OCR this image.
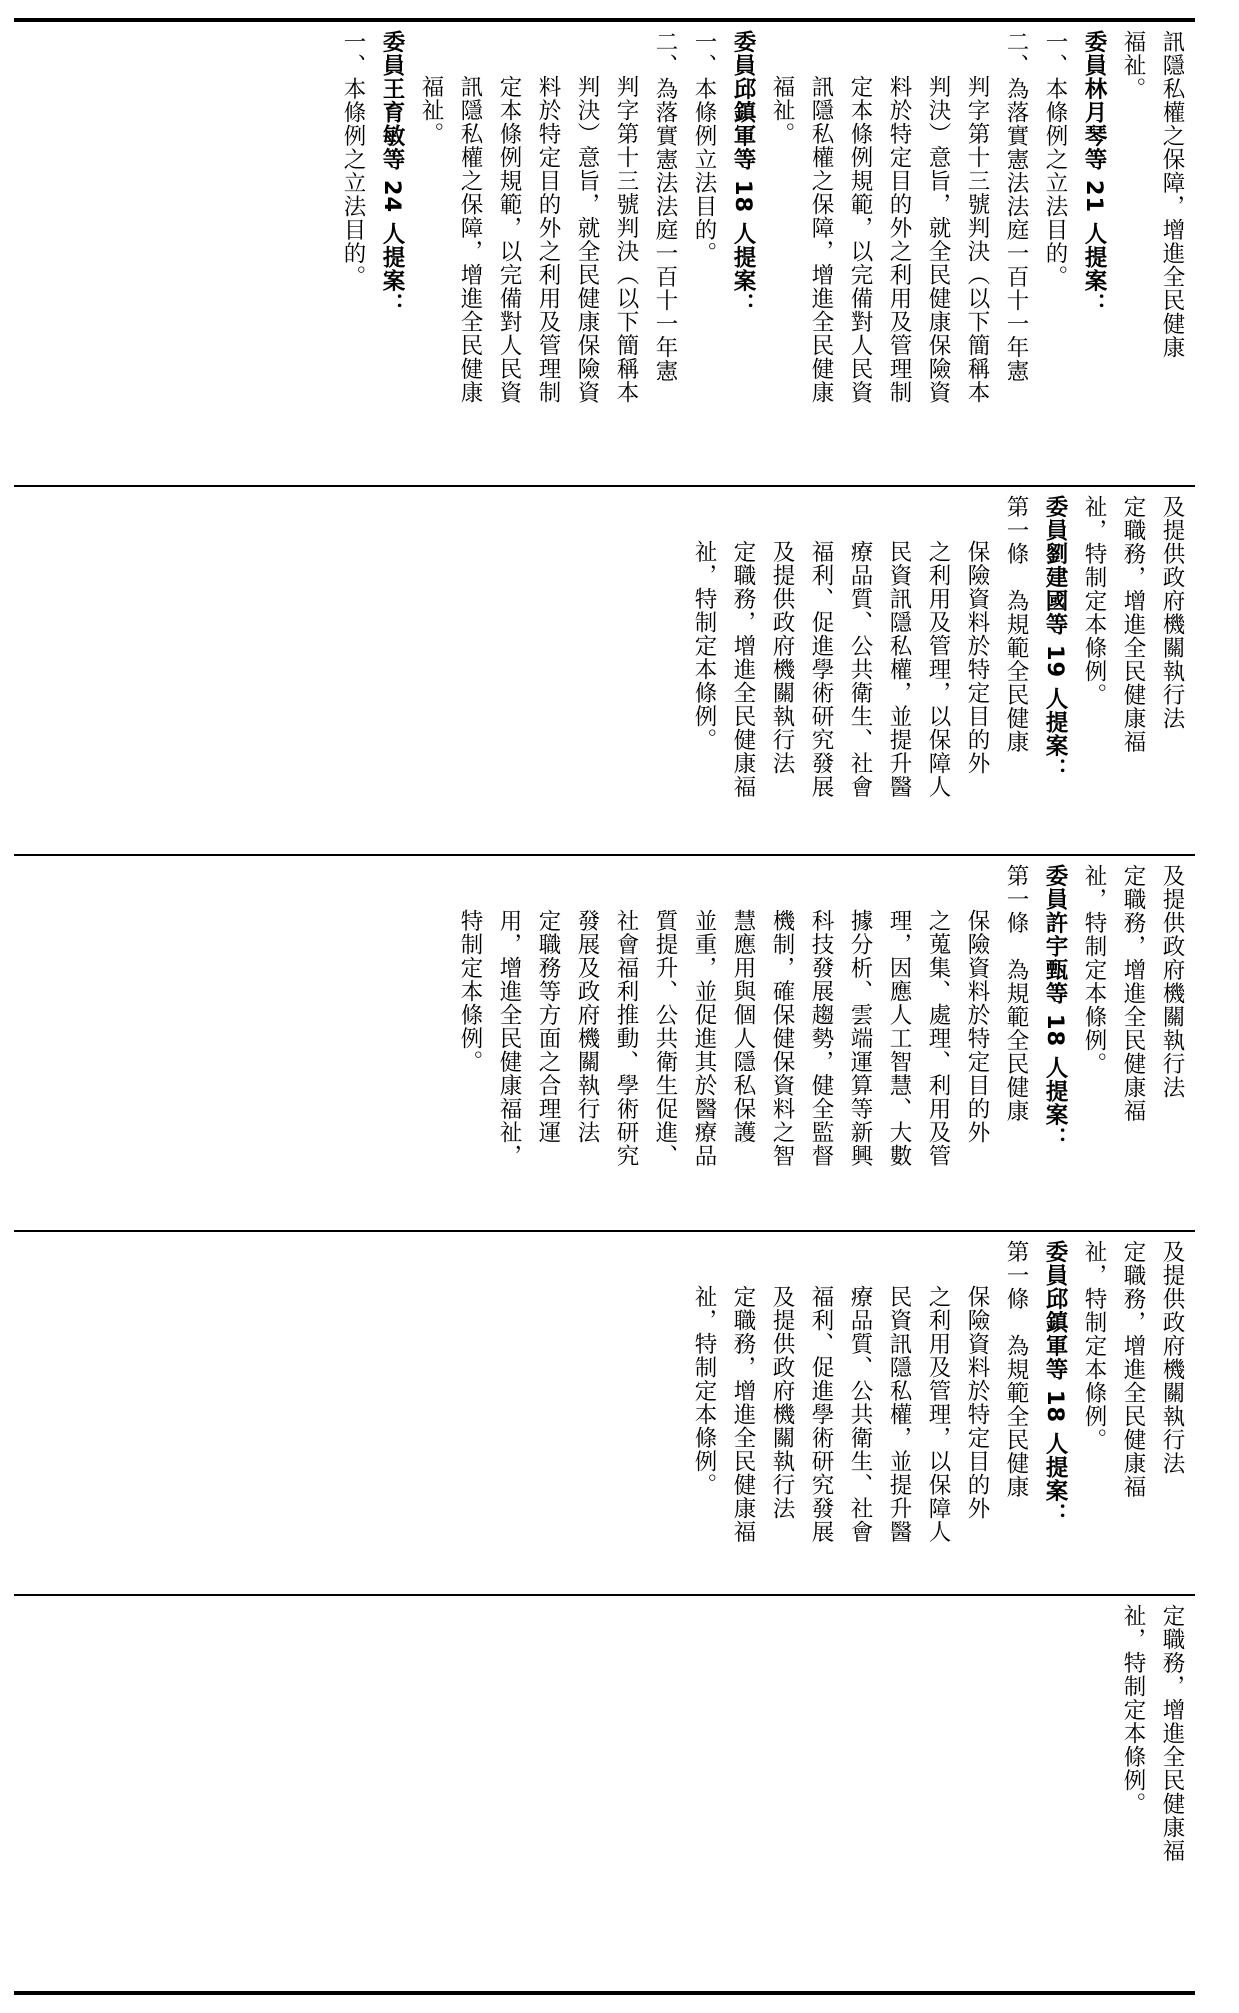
訊隱私權之保障，增進全民健康

福祉。

委員林月琴等 21 人提案：

一、本條例之立法目的。

二、為落實憲法法庭一百十一年憲

判字第十三號判決（以下簡稱本

判決）意旨，就全民健康保險資

料於特定目的外之利用及管理制

定本條例規範，以完備對人民資

訊隱私權之保障，增進全民健康

福祉。

委員邱鎮軍等 18 人提案：

一、本條例立法目的。

二、為落實憲法法庭一百十一年憲

判字第十三號判決（以下簡稱本

判決）意旨，就全民健康保險資

料於特定目的外之利用及管理制

定本條例規範，以完備對人民資

訊隱私權之保障，增進全民健康

福祉。

委員王育敏等 24 人提案：

一、本條例之立法目的。

及提供政府機關執行法

定職務，增進全民健康福

祉，特制定本條例。

委員劉建國等 19 人提案：

第一條　為規範全民健康

保險資料於特定目的外

之利用及管理，以保障人

民資訊隱私權，並提升醫

療品質、公共衛生、社會

福利、促進學術研究發展

及提供政府機關執行法

定職務，增進全民健康福

祉，特制定本條例。

及提供政府機關執行法

定職務，增進全民健康福

祉，特制定本條例。

委員許宇甄等 18 人提案：

第一條　為規範全民健康

保險資料於特定目的外

之蒐集、處理、利用及管

理，因應人工智慧、大數

據分析、雲端運算等新興

科技發展趨勢，健全監督

機制，確保健保資料之智

慧應用與個人隱私保護

並重，並促進其於醫療品

質提升、公共衛生促進、

社會福利推動、學術研究

發展及政府機關執行法

定職務等方面之合理運

用，增進全民健康福祉，

特制定本條例。

及提供政府機關執行法

定職務，增進全民健康福

祉，特制定本條例。

委員邱鎮軍等 18 人提案：

第一條　為規範全民健康

保險資料於特定目的外

之利用及管理，以保障人

民資訊隱私權，並提升醫

療品質、公共衛生、社會

福利、促進學術研究發展

及提供政府機關執行法

定職務，增進全民健康福

祉，特制定本條例。

定職務，增進全民健康福

祉，特制定本條例。
